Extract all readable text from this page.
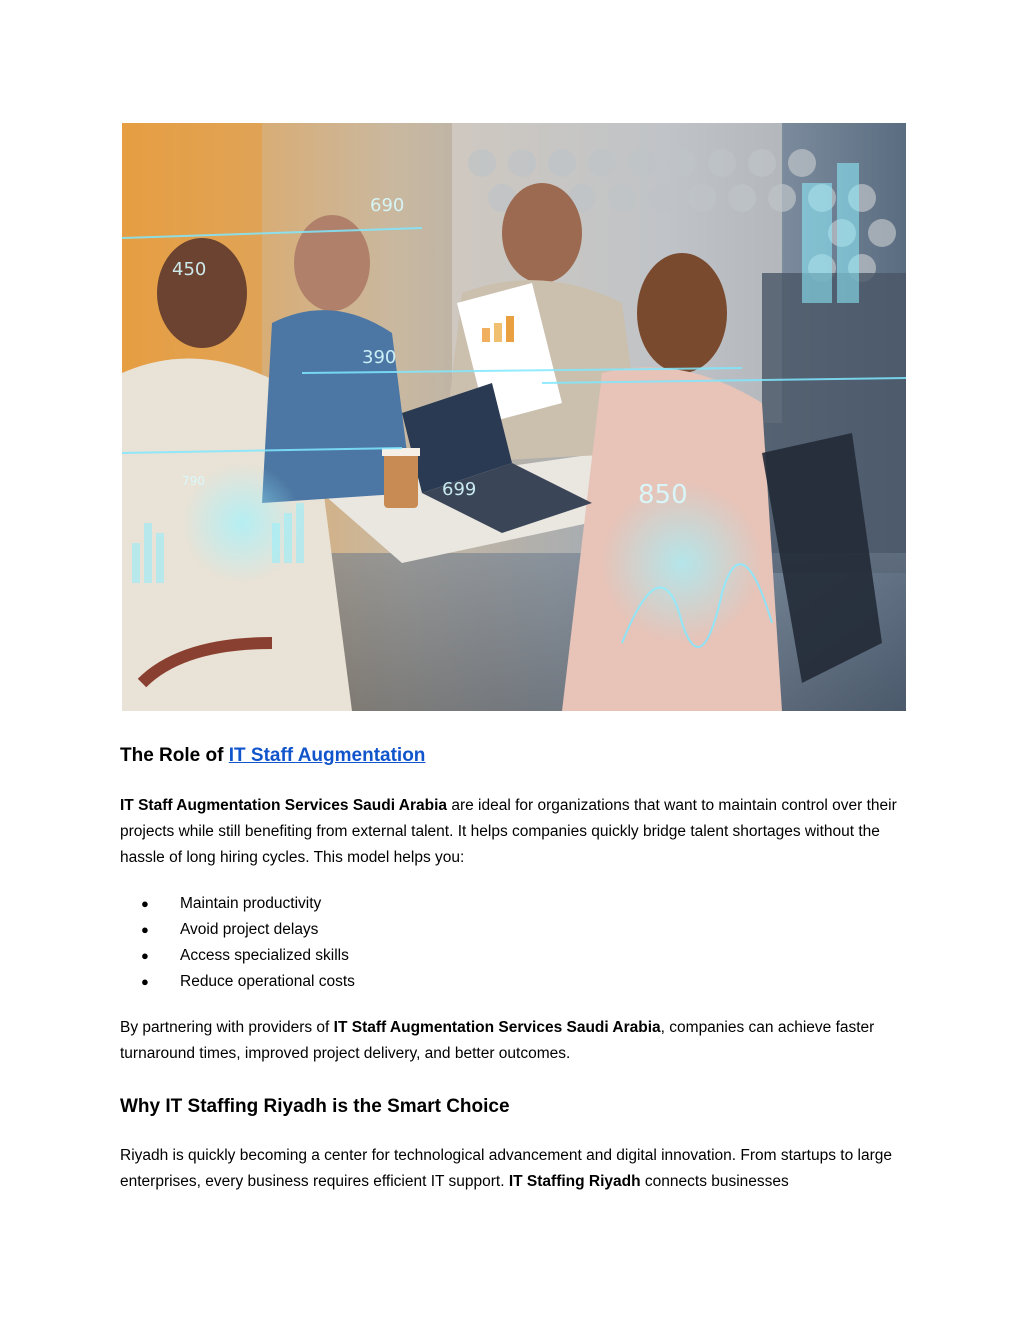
690
450
390
699	850
790
The Role of IT Staff Augmentation

IT Staff Augmentation Services Saudi Arabia are ideal for organizations that want to maintain control over their projects while still benefiting from external talent. It helps companies quickly bridge talent shortages without the hassle of long hiring cycles. This model helps you:

● Maintain productivity
● Avoid project delays
● Access specialized skills
● Reduce operational costs

By partnering with providers of IT Staff Augmentation Services Saudi Arabia, companies can achieve faster turnaround times, improved project delivery, and better outcomes.

Why IT Staffing Riyadh is the Smart Choice

Riyadh is quickly becoming a center for technological advancement and digital innovation. From startups to large enterprises, every business requires efficient IT support. IT Staffing Riyadh connects businesses
